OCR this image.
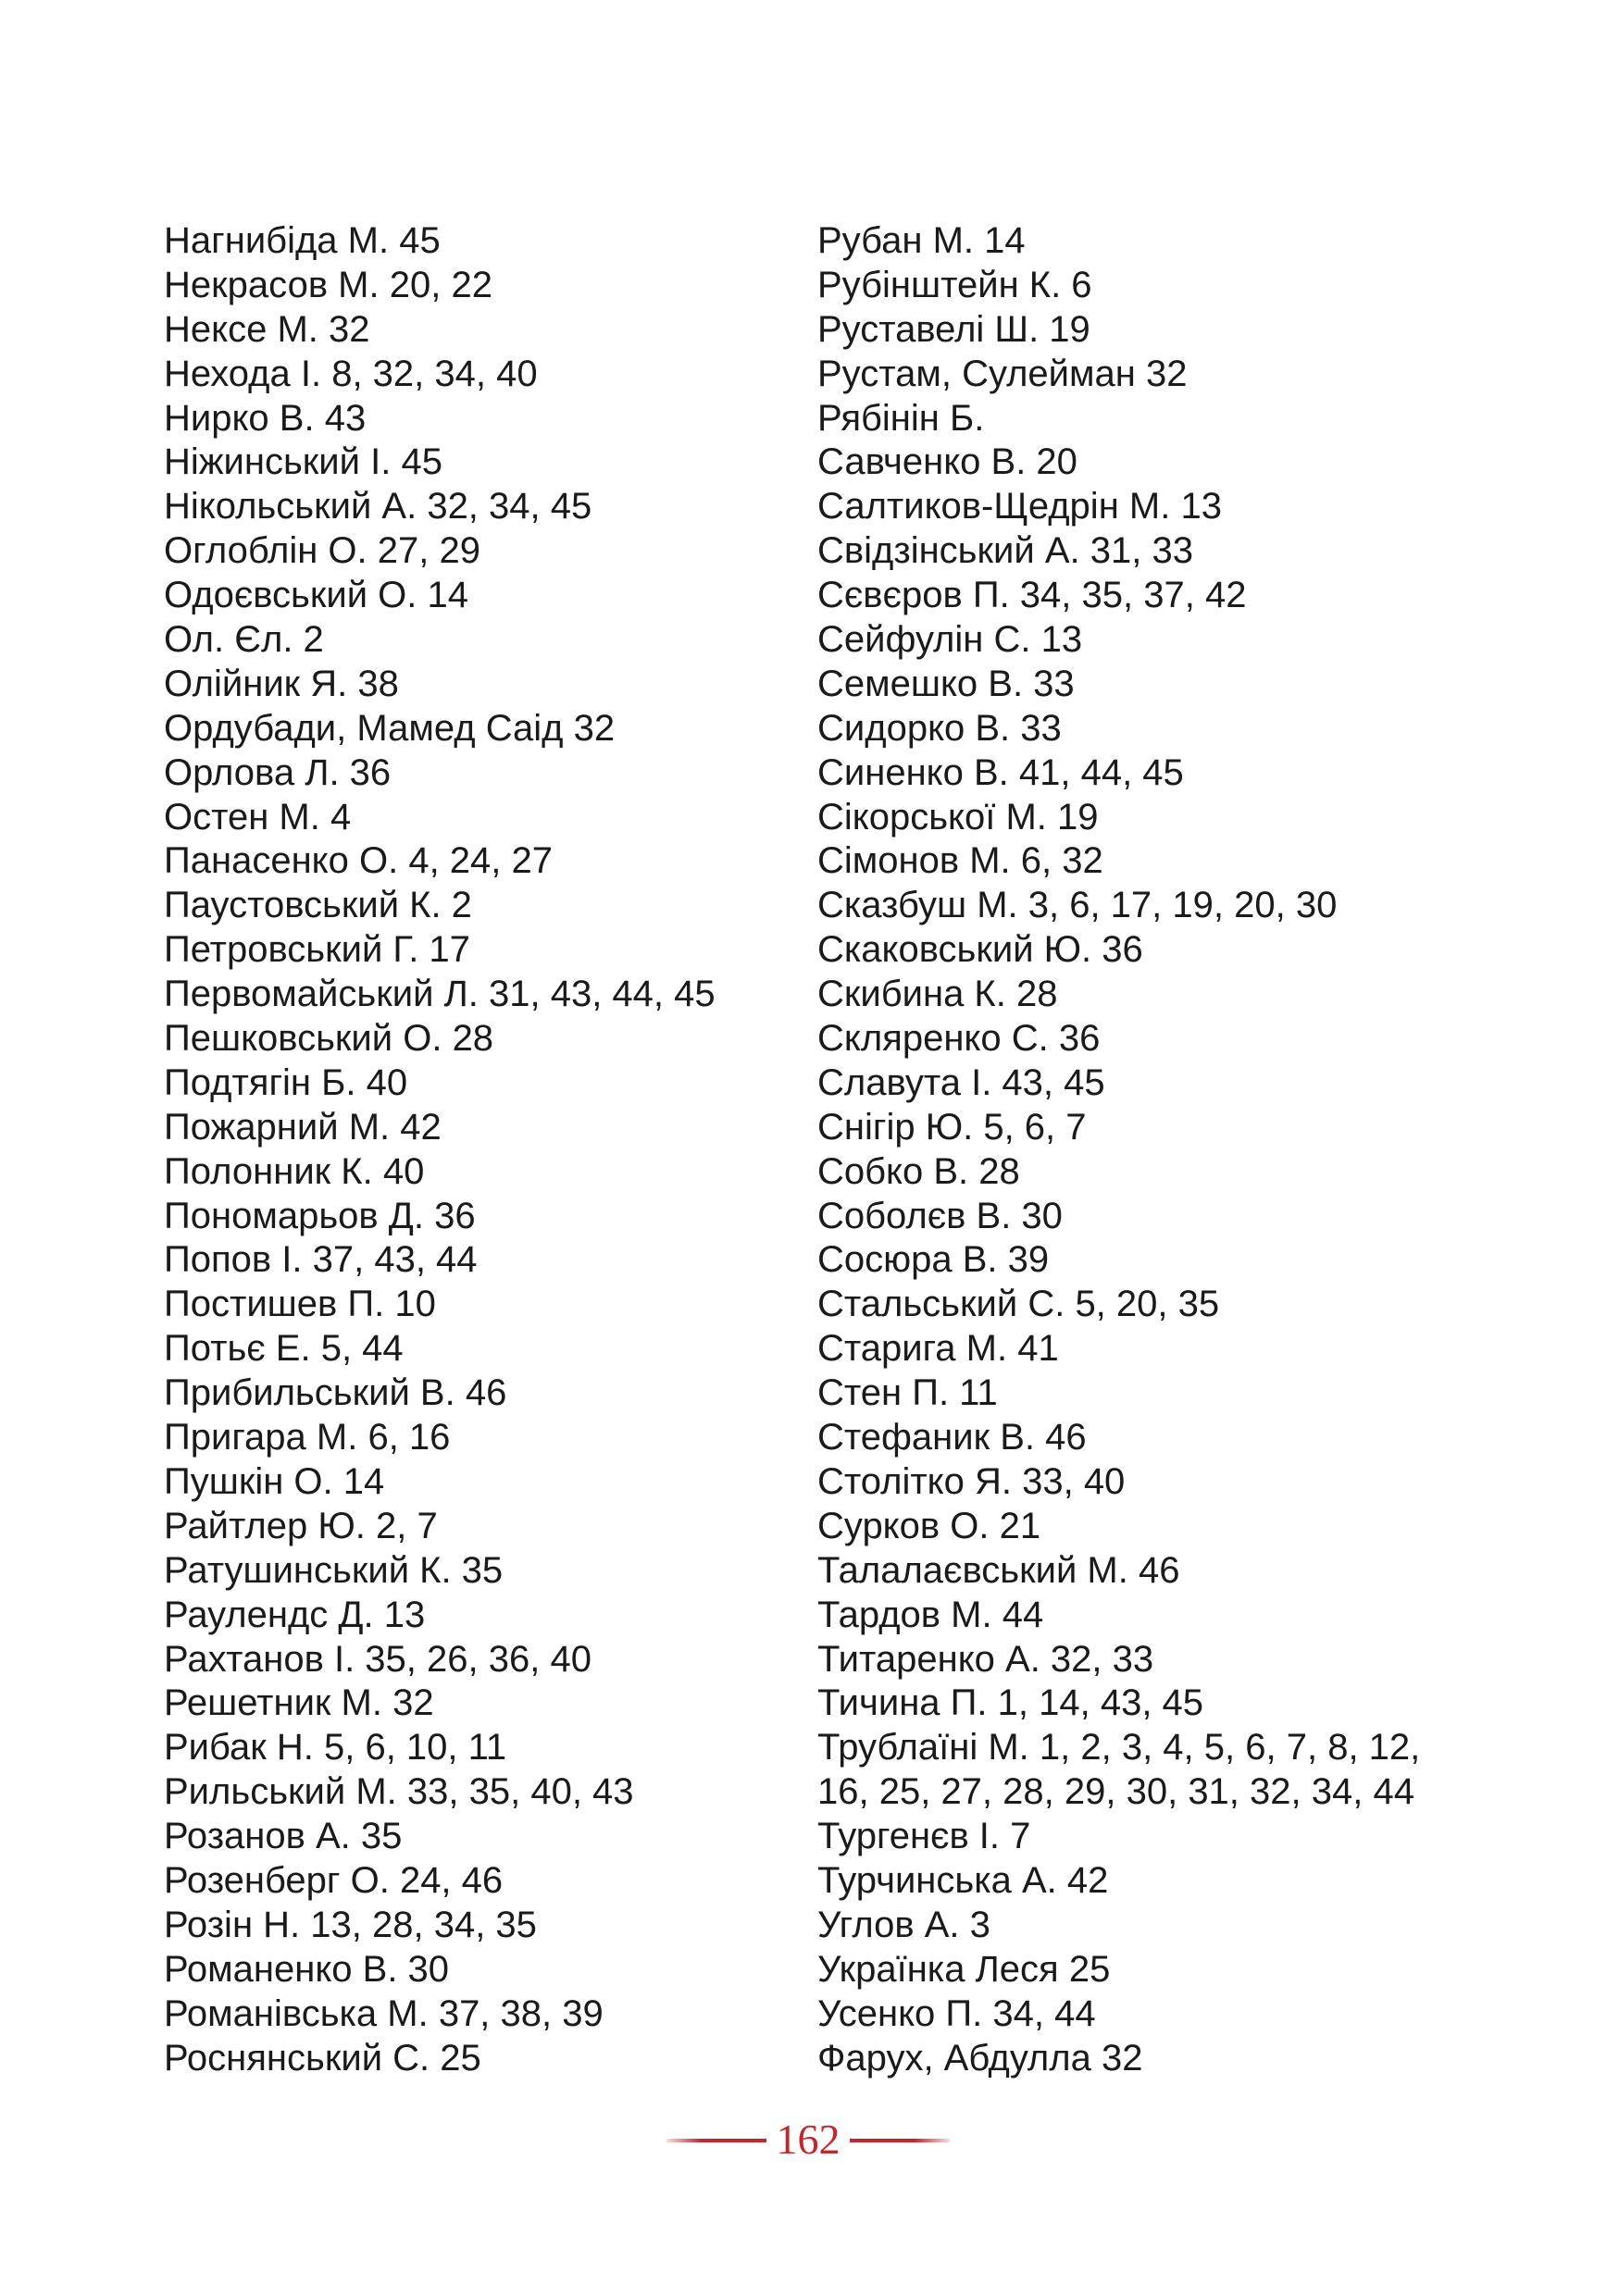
Нагнибіда М. 45
Некрасов М. 20, 22
Нексе М. 32
Нехода І. 8, 32, 34, 40
Нирко В. 43
Ніжинський І. 45
Нікольський А. 32, 34, 45
Оглоблін О. 27, 29
Одоєвський О. 14
Ол. Єл. 2
Олійник Я. 38
Ордубади, Мамед Саід 32
Орлова Л. 36
Остен М. 4
Панасенко О. 4, 24, 27
Паустовський К. 2
Петровський Г. 17
Первомайський Л. 31, 43, 44, 45
Пешковський О. 28
Подтягін Б. 40
Пожарний М. 42
Полонник К. 40
Пономарьов Д. 36
Попов І. 37, 43, 44
Постишев П. 10
Потьє Е. 5, 44
Прибильський В. 46
Пригара М. 6, 16
Пушкін О. 14
Райтлер Ю. 2, 7
Ратушинський К. 35
Раулендс Д. 13
Рахтанов І. 35, 26, 36, 40
Решетник М. 32
Рибак Н. 5, 6, 10, 11
Рильський М. 33, 35, 40, 43
Розанов А. 35
Розенберг О. 24, 46
Розін Н. 13, 28, 34, 35
Романенко В. 30
Романівська М. 37, 38, 39
Роснянський С. 25
Рубан М. 14
Рубінштейн К. 6
Руставелі Ш. 19
Рустам, Сулейман 32
Рябінін Б.
Савченко В. 20
Салтиков-Щедрін М. 13
Свідзінський А. 31, 33
Сєвєров П. 34, 35, 37, 42
Сейфулін С. 13
Семешко В. 33
Сидорко В. 33
Синенко В. 41, 44, 45
Сікорської М. 19
Сімонов М. 6, 32
Сказбуш М. 3, 6, 17, 19, 20, 30
Скаковський Ю. 36
Скибина К. 28
Скляренко С. 36
Славута І. 43, 45
Снігір Ю. 5, 6, 7
Собко В. 28
Соболєв В. 30
Сосюра В. 39
Стальський С. 5, 20, 35
Старига М. 41
Стен П. 11
Стефаник В. 46
Столітко Я. 33, 40
Сурков О. 21
Талалаєвський М. 46
Тардов М. 44
Титаренко А. 32, 33
Тичина П. 1, 14, 43, 45
Трублаїні М. 1, 2, 3, 4, 5, 6, 7, 8, 12,
16, 25, 27, 28, 29, 30, 31, 32, 34, 44
Тургенєв І. 7
Турчинська А. 42
Углов А. 3
Українка Леся 25
Усенко П. 34, 44
Фарух, Абдулла 32
162
